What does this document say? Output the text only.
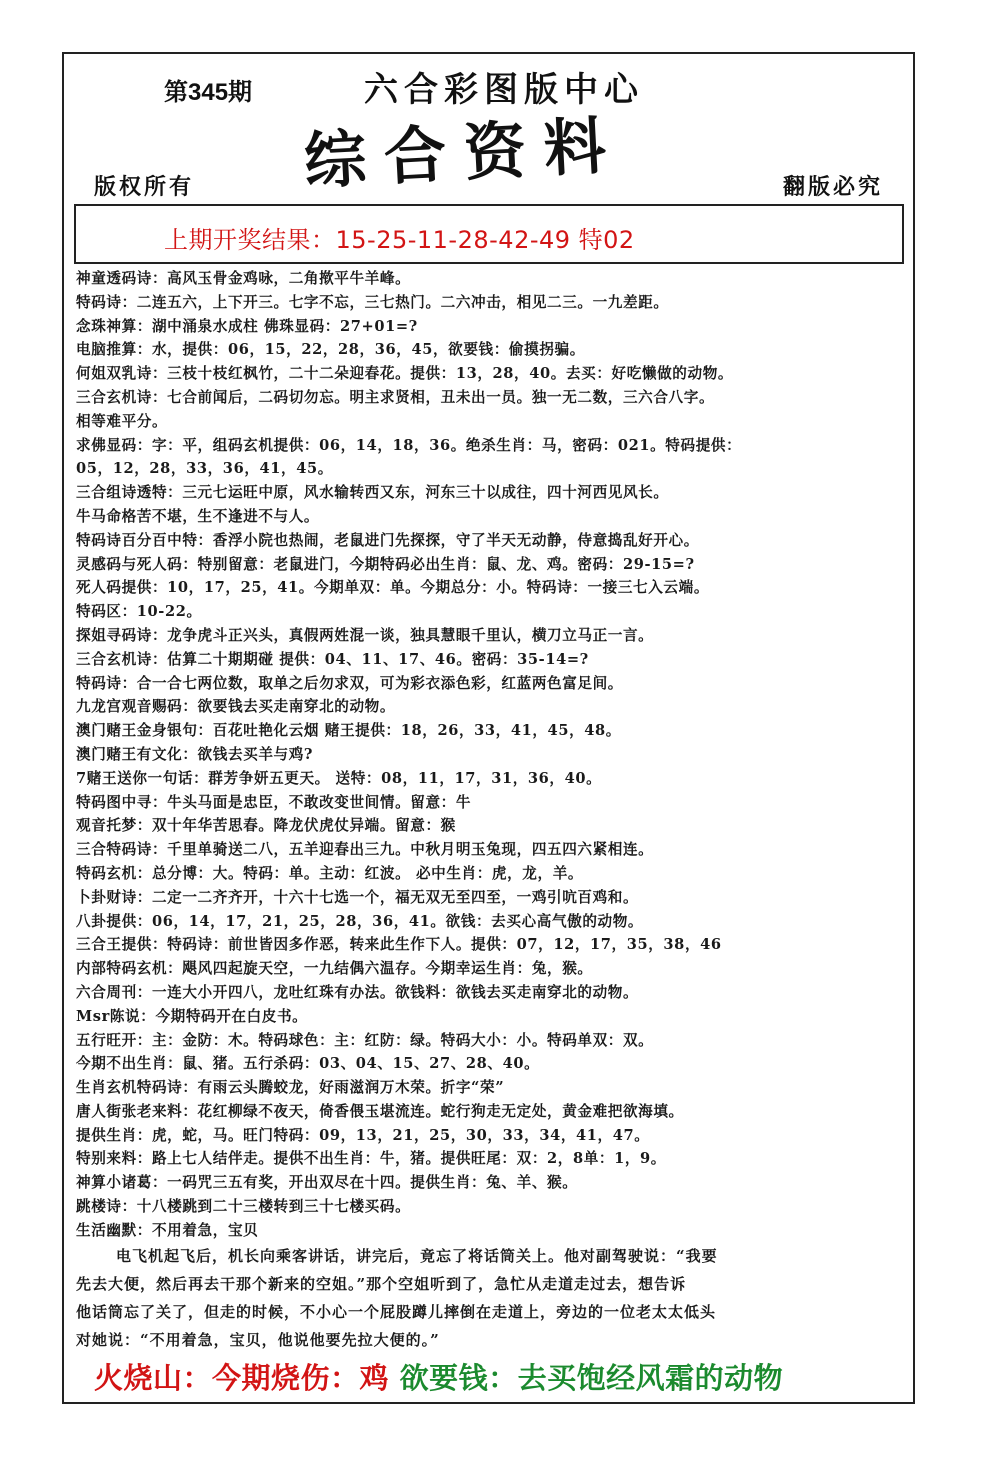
第345期	六合彩图版中心
综合资料
版权所有	翻版必究
上期开奖结果：15-25-11-28-42-49 特02
神童透码诗：高风玉骨金鸡咏，二角揿平牛羊峰。
特码诗：二连五六，上下开三。七字不忘，三七热门。二六冲击，相见二三。一九差距。
念珠神算：湖中涌泉水成柱 佛珠显码：27+01=?
电脑推算：水，提供：06，15，22，28，36，45，欲要钱：偷摸拐骗。
何姐双乳诗：三枝十枝红枫竹，二十二朵迎春花。提供：13，28，40。去买：好吃懒做的动物。
三合玄机诗：七合前闻后，二码切勿忘。明主求贤相，丑未出一员。独一无二数，三六合八字。
相等难平分。
求佛显码：字：平，组码玄机提供：06，14，18，36。绝杀生肖：马，密码：021。特码提供：
05，12，28，33，36，41，45。
三合组诗透特：三元七运旺中原，风水输转西又东，河东三十以成往，四十河西见风长。
牛马命格苦不堪，生不逢进不与人。
特码诗百分百中特：香浮小院也热闹，老鼠进门先探探，守了半天无动静，侍意捣乱好开心。
灵感码与死人码：特别留意：老鼠进门，今期特码必出生肖：鼠、龙、鸡。密码：29-15=?
死人码提供：10，17，25，41。今期单双：单。今期总分：小。特码诗：一接三七入云端。
特码区：10-22。
探姐寻码诗：龙争虎斗正兴头，真假两姓混一谈，独具慧眼千里认，横刀立马正一言。
三合玄机诗：估算二十期期碰 提供：04、11、17、46。密码：35-14=?
特码诗：合一合七两位数，取单之后勿求双，可为彩衣添色彩，红蓝两色富足间。
九龙宫观音赐码：欲要钱去买走南穿北的动物。
澳门赌王金身银句：百花吐艳化云烟 赌王提供：18，26，33，41，45，48。
澳门赌王有文化：欲钱去买羊与鸡?
7赌王送你一句话：群芳争妍五更天。 送特：08，11，17，31，36，40。
特码图中寻：牛头马面是忠臣，不敢改变世间情。留意：牛
观音托梦：双十年华苦思春。降龙伏虎仗异端。留意：猴
三合特码诗：千里单骑送二八，五羊迎春出三九。中秋月明玉兔现，四五四六紧相连。
特码玄机：总分博：大。特码：单。主动：红波。 必中生肖：虎，龙，羊。
卜卦财诗：二定一二齐齐开，十六十七选一个，福无双无至四至，一鸡引吭百鸡和。
八卦提供：06，14，17，21，25，28，36，41。欲钱：去买心高气傲的动物。
三合王提供：特码诗：前世皆因多作恶，转来此生作下人。提供：07，12，17，35，38，46
内部特码玄机：飓风四起旋天空，一九结偶六温存。今期幸运生肖：兔，猴。
六合周刊：一连大小开四八，龙吐红珠有办法。欲钱料：欲钱去买走南穿北的动物。
Msr陈说：今期特码开在白皮书。
五行旺开：主：金防：木。特码球色：主：红防：绿。特码大小：小。特码单双：双。
今期不出生肖：鼠、猪。五行杀码：03、04、15、27、28、40。
生肖玄机特码诗：有雨云头腾蛟龙，好雨滋润万木荣。折字“荣”
唐人街张老来料：花红柳绿不夜天，倚香偎玉堪流连。蛇行狗走无定处，黄金难把欲海填。
提供生肖：虎，蛇，马。旺门特码：09，13，21，25，30，33，34，41，47。
特别来料：路上七人结伴走。提供不出生肖：牛，猪。提供旺尾：双：2，8单：1，9。
神算小诸葛：一码咒三五有奖，开出双尽在十四。提供生肖：兔、羊、猴。
跳楼诗：十八楼跳到二十三楼转到三十七楼买码。
生活幽默：不用着急，宝贝
电飞机起飞后，机长向乘客讲话，讲完后，竟忘了将话筒关上。他对副驾驶说：“我要
先去大便，然后再去干那个新来的空姐。”那个空姐听到了，急忙从走道走过去，想告诉
他话筒忘了关了，但走的时候，不小心一个屁股蹲儿摔倒在走道上，旁边的一位老太太低头
对她说：“不用着急，宝贝，他说他要先拉大便的。”
火烧山：今期烧伤：鸡 欲要钱：去买饱经风霜的动物
